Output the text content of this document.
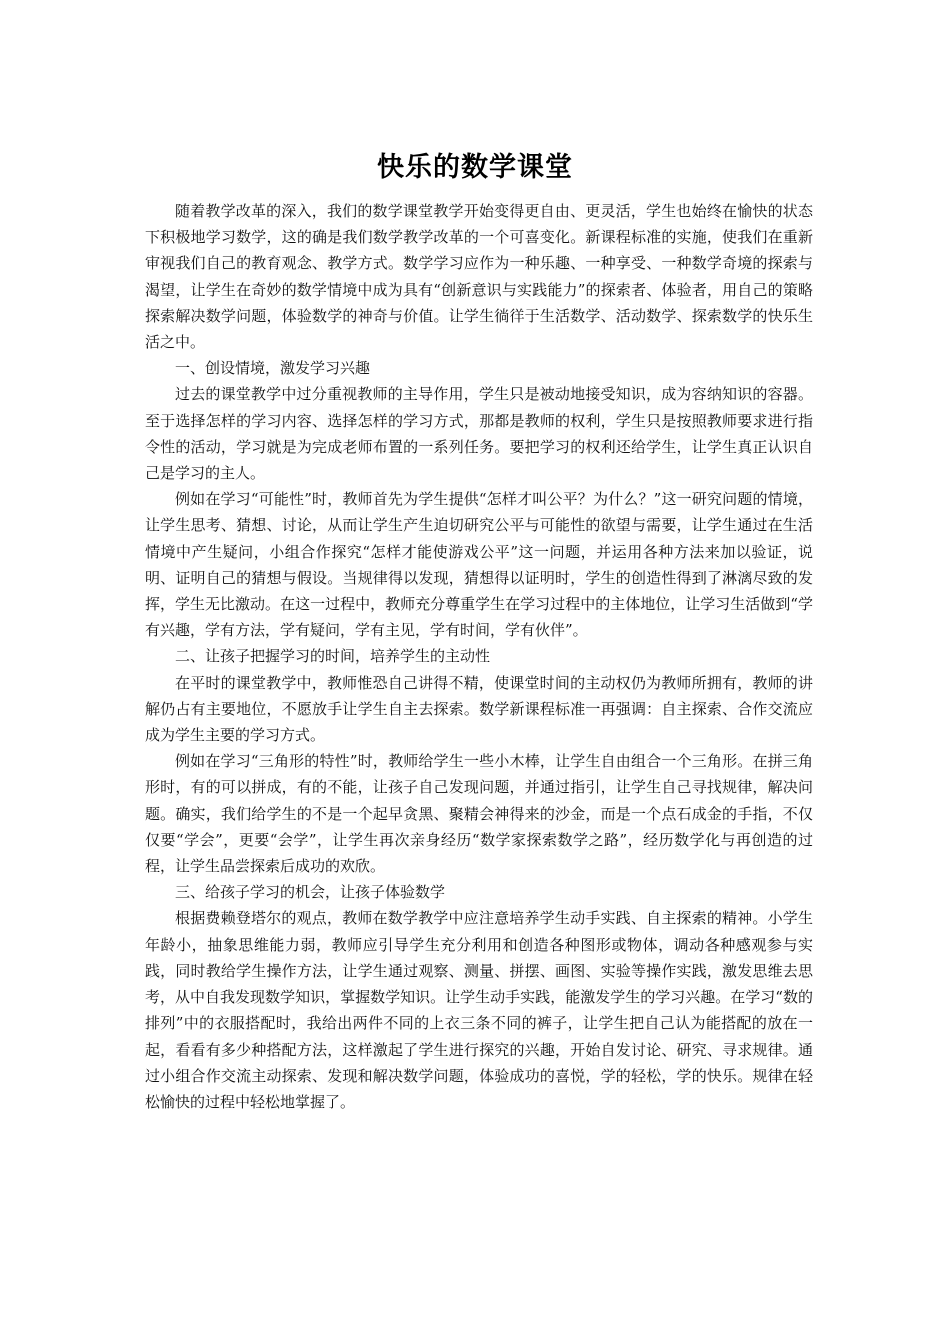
快乐的数学课堂

随着教学改革的深入，我们的数学课堂教学开始变得更自由、更灵活，学生也始终在愉快的状态下积极地学习数学，这的确是我们数学教学改革的一个可喜变化。新课程标准的实施，使我们在重新审视我们自己的教育观念、教学方式。数学学习应作为一种乐趣、一种享受、一种数学奇境的探索与渴望，让学生在奇妙的数学情境中成为具有“创新意识与实践能力”的探索者、体验者，用自己的策略探索解决数学问题，体验数学的神奇与价值。让学生徜徉于生活数学、活动数学、探索数学的快乐生活之中。

一、创设情境，激发学习兴趣

过去的课堂教学中过分重视教师的主导作用，学生只是被动地接受知识，成为容纳知识的容器。至于选择怎样的学习内容、选择怎样的学习方式，那都是教师的权利，学生只是按照教师要求进行指令性的活动，学习就是为完成老师布置的一系列任务。要把学习的权利还给学生，让学生真正认识自己是学习的主人。

例如在学习“可能性”时，教师首先为学生提供“怎样才叫公平？为什么？”这一研究问题的情境，让学生思考、猜想、讨论，从而让学生产生迫切研究公平与可能性的欲望与需要，让学生通过在生活情境中产生疑问，小组合作探究“怎样才能使游戏公平”这一问题，并运用各种方法来加以验证，说明、证明自己的猜想与假设。当规律得以发现，猜想得以证明时，学生的创造性得到了淋漓尽致的发挥，学生无比激动。在这一过程中，教师充分尊重学生在学习过程中的主体地位，让学习生活做到“学有兴趣，学有方法，学有疑问，学有主见，学有时间，学有伙伴”。

二、让孩子把握学习的时间，培养学生的主动性

在平时的课堂教学中，教师惟恐自己讲得不精，使课堂时间的主动权仍为教师所拥有，教师的讲解仍占有主要地位，不愿放手让学生自主去探索。数学新课程标准一再强调：自主探索、合作交流应成为学生主要的学习方式。

例如在学习“三角形的特性”时，教师给学生一些小木棒，让学生自由组合一个三角形。在拼三角形时，有的可以拼成，有的不能，让孩子自己发现问题，并通过指引，让学生自己寻找规律，解决问题。确实，我们给学生的不是一个起早贪黑、聚精会神得来的沙金，而是一个点石成金的手指，不仅仅要“学会”，更要“会学”，让学生再次亲身经历“数学家探索数学之路”，经历数学化与再创造的过程，让学生品尝探索后成功的欢欣。

三、给孩子学习的机会，让孩子体验数学

根据费赖登塔尔的观点，教师在数学教学中应注意培养学生动手实践、自主探索的精神。小学生年龄小，抽象思维能力弱，教师应引导学生充分利用和创造各种图形或物体，调动各种感观参与实践，同时教给学生操作方法，让学生通过观察、测量、拼摆、画图、实验等操作实践，激发思维去思考，从中自我发现数学知识，掌握数学知识。让学生动手实践，能激发学生的学习兴趣。在学习“数的排列”中的衣服搭配时，我给出两件不同的上衣三条不同的裤子，让学生把自己认为能搭配的放在一起，看看有多少种搭配方法，这样激起了学生进行探究的兴趣，开始自发讨论、研究、寻求规律。通过小组合作交流主动探索、发现和解决数学问题，体验成功的喜悦，学的轻松，学的快乐。规律在轻松愉快的过程中轻松地掌握了。
